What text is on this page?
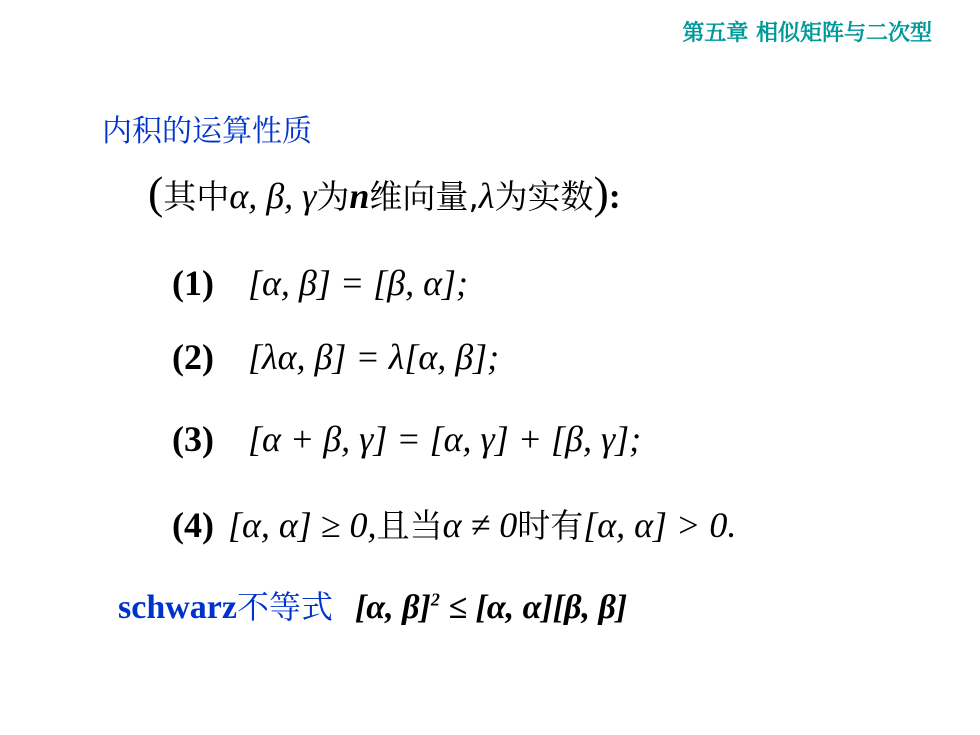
第五章 相似矩阵与二次型
内积的运算性质
(其中α, β, γ为n维向量,λ为实数):
(1) [α, β] = [β, α];
(2) [λα, β] = λ[α, β];
(3) [α + β, γ] = [α, γ] + [β, γ];
(4) [α, α] ≥ 0,且当α ≠ 0时有[α, α] > 0.
schwarz不等式 [α, β]$^2$ ≤ [α, α][β, β]
